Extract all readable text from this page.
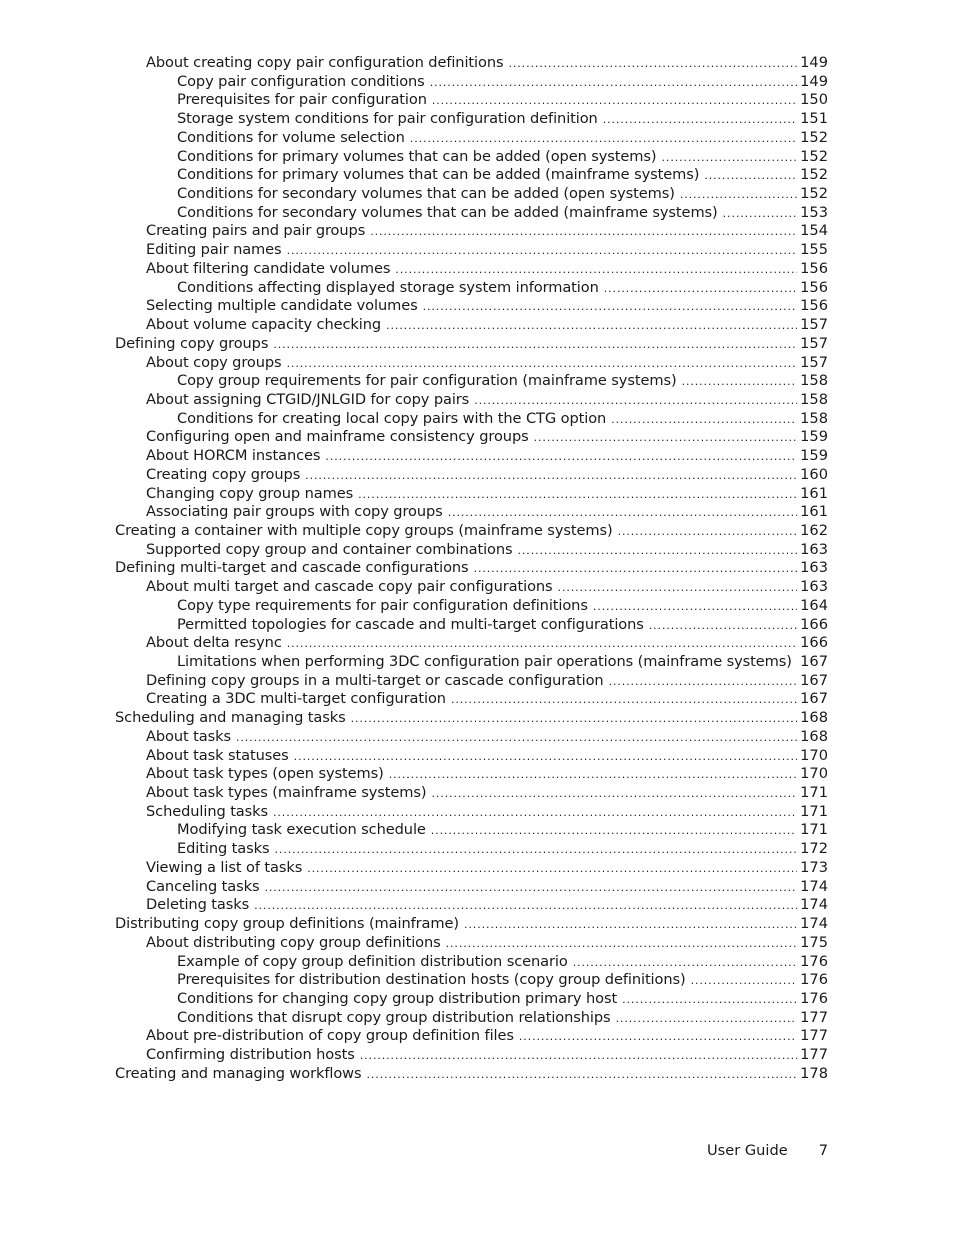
About creating copy pair configuration definitions .....	149
Copy pair configuration conditions .....	149
Prerequisites for pair configuration .....	150
Storage system conditions for pair configuration definition .....	151
Conditions for volume selection .....	152
Conditions for primary volumes that can be added (open systems) .....	152
Conditions for primary volumes that can be added (mainframe systems) .....	152
Conditions for secondary volumes that can be added (open systems) .....	152
Conditions for secondary volumes that can be added (mainframe systems) .....	153
Creating pairs and pair groups .....	154
Editing pair names .....	155
About filtering candidate volumes .....	156
Conditions affecting displayed storage system information .....	156
Selecting multiple candidate volumes .....	156
About volume capacity checking .....	157
Defining copy groups .....	157
About copy groups .....	157
Copy group requirements for pair configuration (mainframe systems) .....	158
About assigning CTGID/JNLGID for copy pairs .....	158
Conditions for creating local copy pairs with the CTG option .....	158
Configuring open and mainframe consistency groups .....	159
About HORCM instances .....	159
Creating copy groups .....	160
Changing copy group names .....	161
Associating pair groups with copy groups .....	161
Creating a container with multiple copy groups (mainframe systems) .....	162
Supported copy group and container combinations .....	163
Defining multi-target and cascade configurations .....	163
About multi target and cascade copy pair configurations .....	163
Copy type requirements for pair configuration definitions .....	164
Permitted topologies for cascade and multi-target configurations .....	166
About delta resync .....	166
Limitations when performing 3DC configuration pair operations (mainframe systems) ..... 167
Defining copy groups in a multi-target or cascade configuration .....	167
Creating a 3DC multi-target configuration .....	167
Scheduling and managing tasks .....	168
About tasks .....	168
About task statuses .....	170
About task types (open systems) .....	170
About task types (mainframe systems) .....	171
Scheduling tasks .....	171
Modifying task execution schedule .....	171
Editing tasks .....	172
Viewing a list of tasks .....	173
Canceling tasks .....	174
Deleting tasks .....	174
Distributing copy group definitions (mainframe) .....	174
About distributing copy group definitions .....	175
Example of copy group definition distribution scenario .....	176
Prerequisites for distribution destination hosts (copy group definitions) .....	176
Conditions for changing copy group distribution primary host .....	176
Conditions that disrupt copy group distribution relationships .....	177
About pre-distribution of copy group definition files .....	177
Confirming distribution hosts .....	177
Creating and managing workflows .....	178
User Guide 7
